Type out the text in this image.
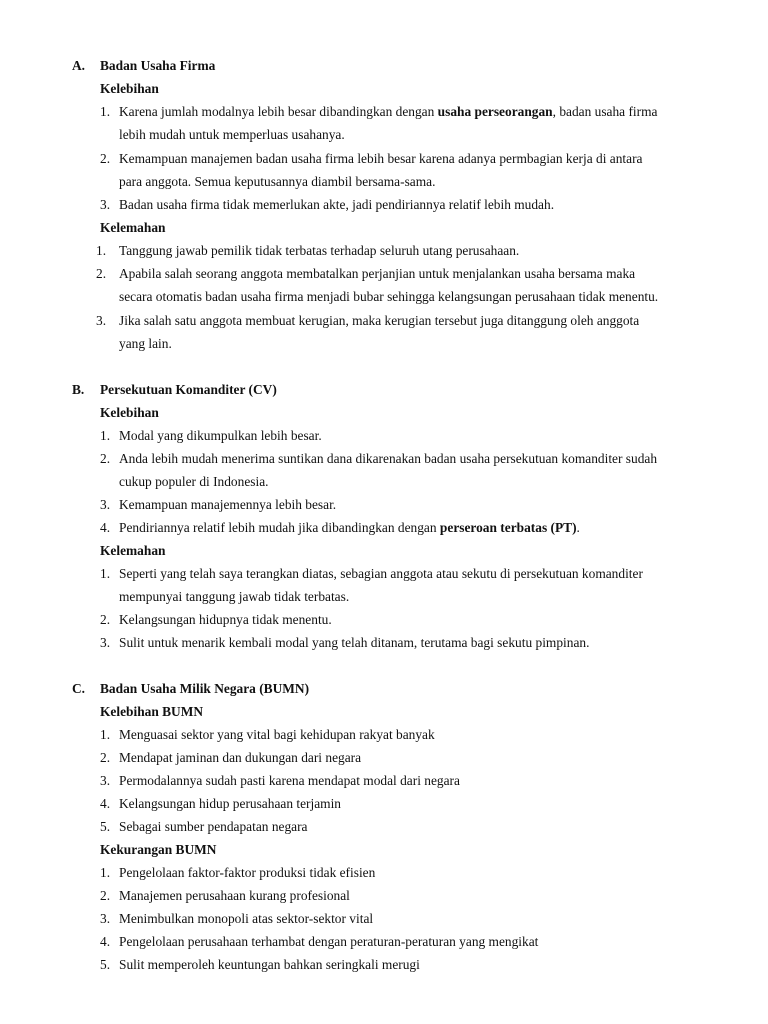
A. Badan Usaha Firma
Kelebihan
1. Karena jumlah modalnya lebih besar dibandingkan dengan usaha perseorangan, badan usaha firma
lebih mudah untuk memperluas usahanya.
2. Kemampuan manajemen badan usaha firma lebih besar karena adanya permbagian kerja di antara
para anggota. Semua keputusannya diambil bersama-sama.
3. Badan usaha firma tidak memerlukan akte, jadi pendiriannya relatif lebih mudah.
Kelemahan
1. Tanggung jawab pemilik tidak terbatas terhadap seluruh utang perusahaan.
2. Apabila salah seorang anggota membatalkan perjanjian untuk menjalankan usaha bersama maka
secara otomatis badan usaha firma menjadi bubar sehingga kelangsungan perusahaan tidak menentu.
3. Jika salah satu anggota membuat kerugian, maka kerugian tersebut juga ditanggung oleh anggota
yang lain.
B. Persekutuan Komanditer (CV)
Kelebihan
1. Modal yang dikumpulkan lebih besar.
2. Anda lebih mudah menerima suntikan dana dikarenakan badan usaha persekutuan komanditer sudah
cukup populer di Indonesia.
3. Kemampuan manajemennya lebih besar.
4. Pendiriannya relatif lebih mudah jika dibandingkan dengan perseroan terbatas (PT).
Kelemahan
1. Seperti yang telah saya terangkan diatas, sebagian anggota atau sekutu di persekutuan komanditer
mempunyai tanggung jawab tidak terbatas.
2. Kelangsungan hidupnya tidak menentu.
3. Sulit untuk menarik kembali modal yang telah ditanam, terutama bagi sekutu pimpinan.
C. Badan Usaha Milik Negara (BUMN)
Kelebihan BUMN
1. Menguasai sektor yang vital bagi kehidupan rakyat banyak
2. Mendapat jaminan dan dukungan dari negara
3. Permodalannya sudah pasti karena mendapat modal dari negara
4. Kelangsungan hidup perusahaan terjamin
5. Sebagai sumber pendapatan negara
Kekurangan BUMN
1. Pengelolaan faktor-faktor produksi tidak efisien
2. Manajemen perusahaan kurang profesional
3. Menimbulkan monopoli atas sektor-sektor vital
4. Pengelolaan perusahaan terhambat dengan peraturan-peraturan yang mengikat
5. Sulit memperoleh keuntungan bahkan seringkali merugi
